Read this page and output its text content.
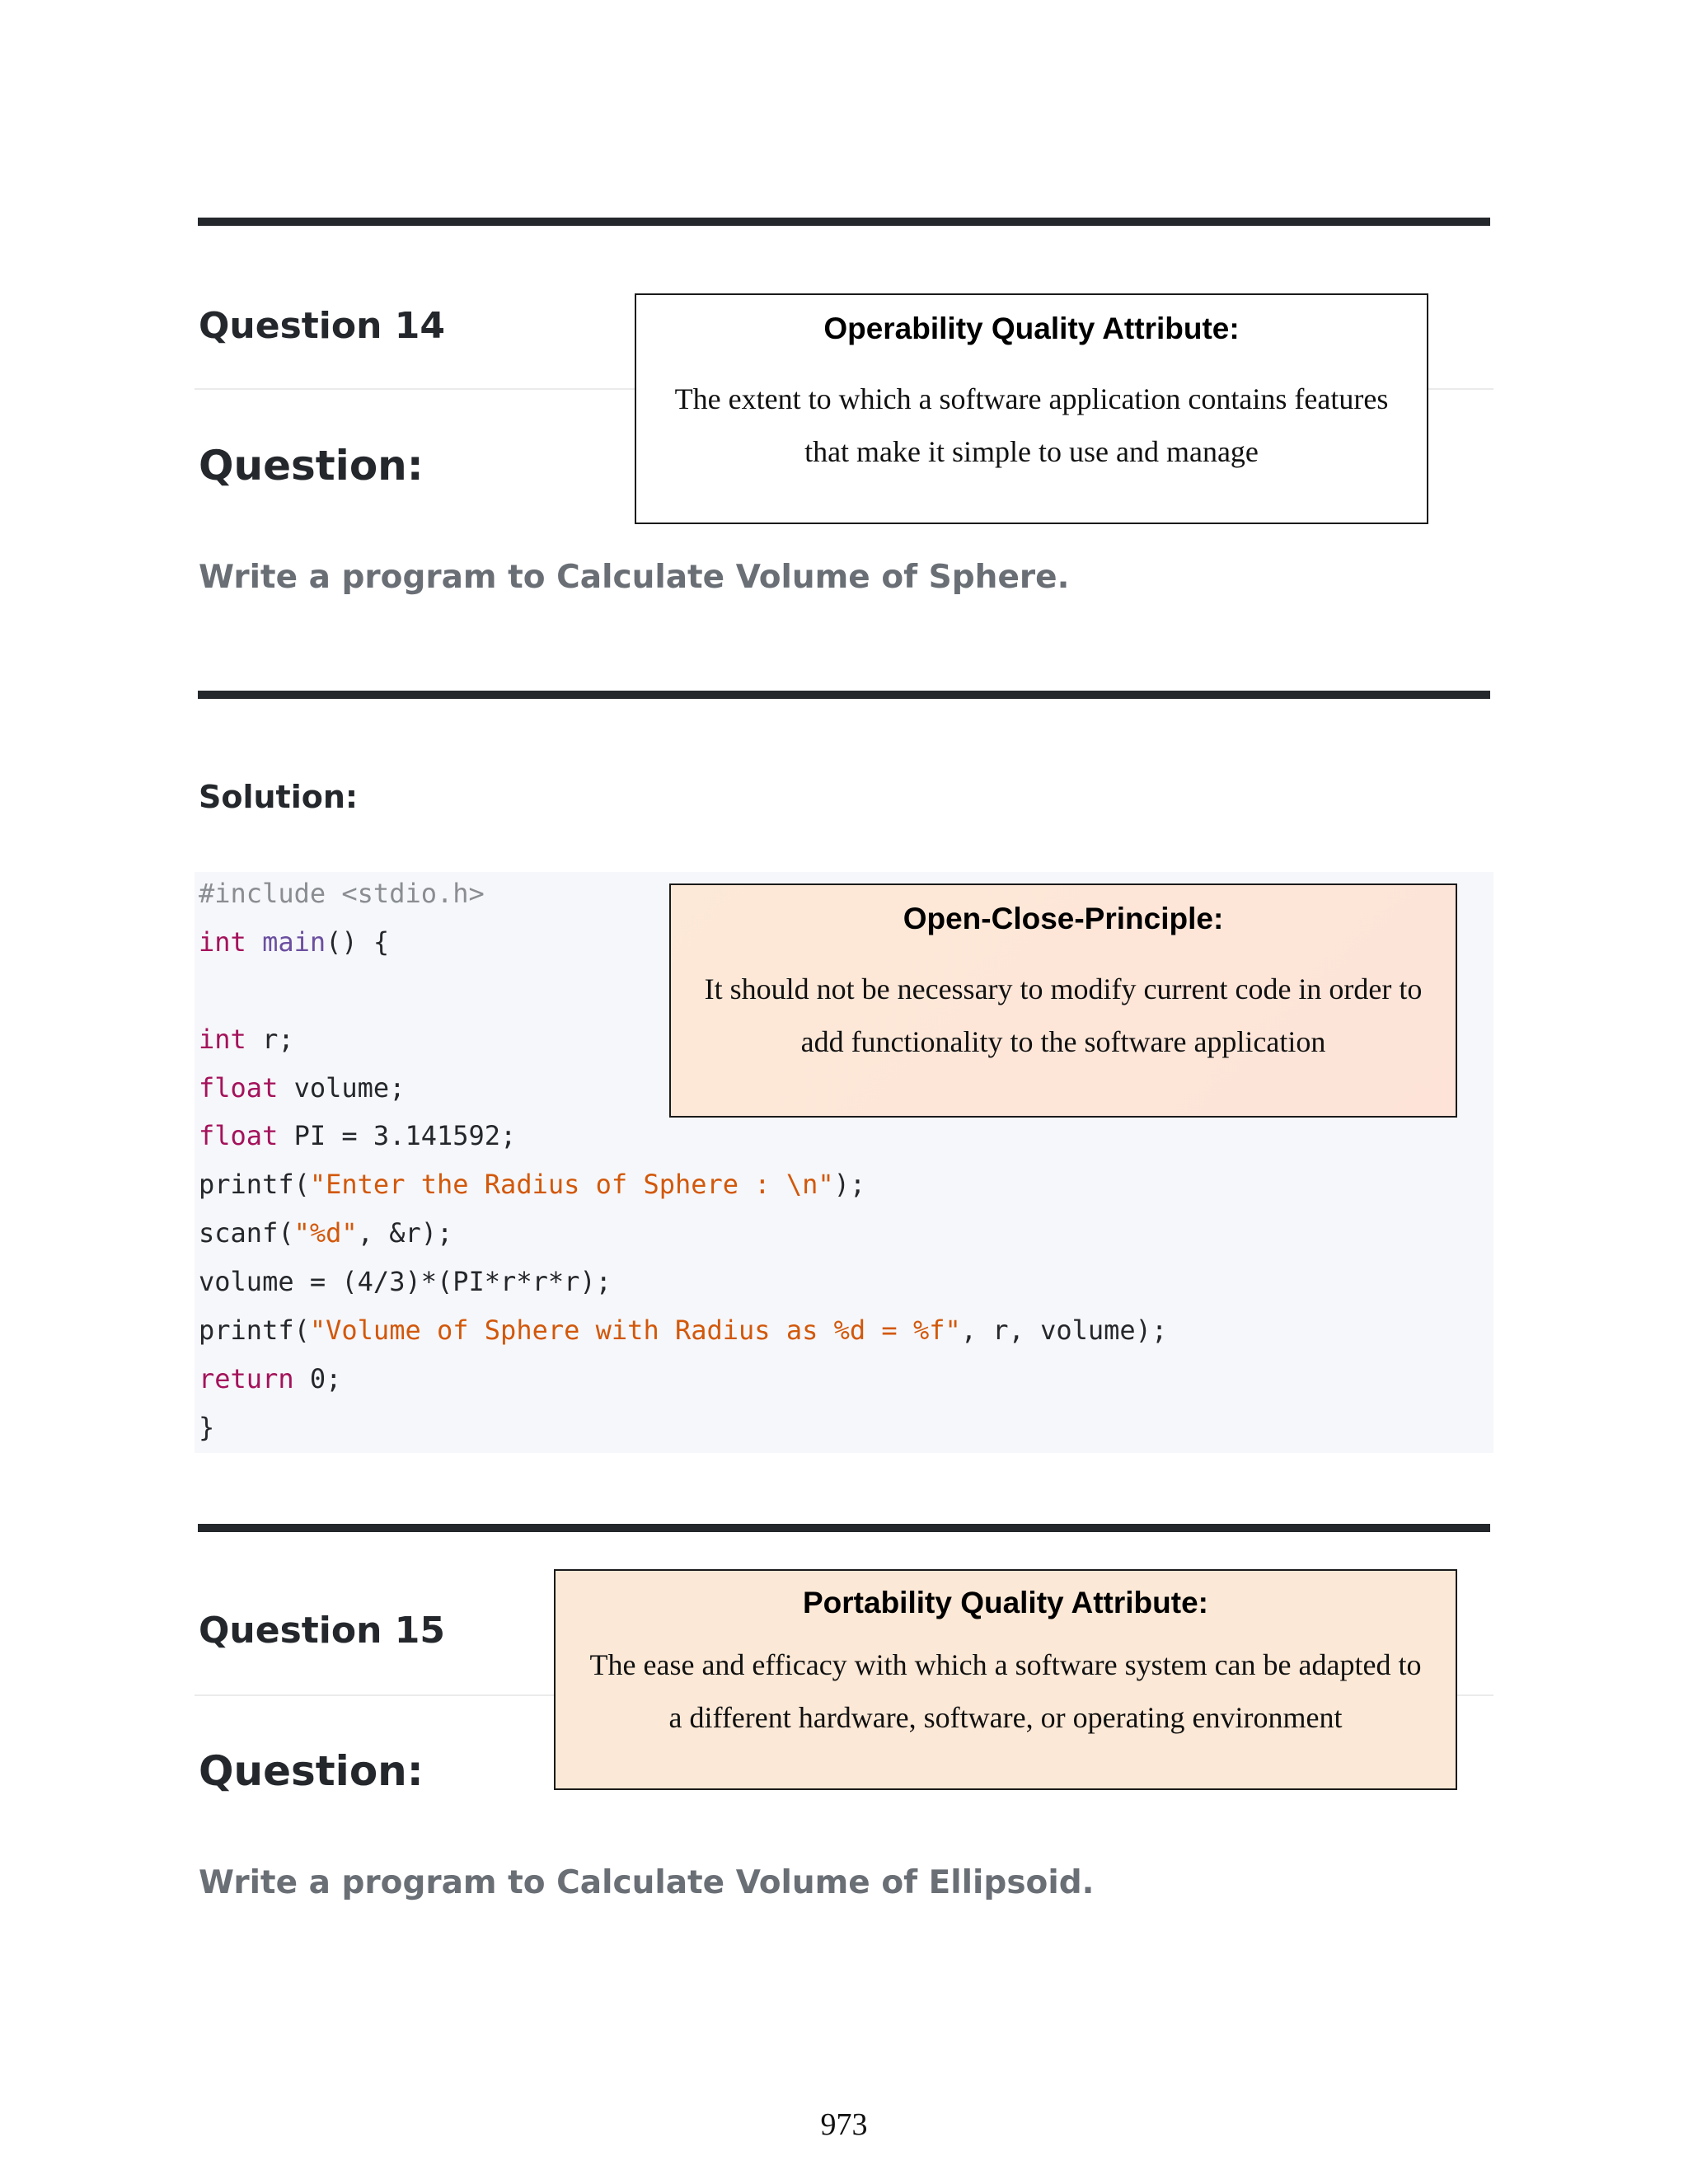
Question 14
Question:
Write a program to Calculate Volume of Sphere.
Operability Quality Attribute:
The extent to which a software application contains features
that make it simple to use and manage
Solution:
#include <stdio.h>
int main() {
int r;
float volume;
float PI = 3.141592;
printf("Enter the Radius of Sphere : \n");
scanf("%d", &r);
volume = (4/3)*(PI*r*r*r);
printf("Volume of Sphere with Radius as %d = %f", r, volume);
return 0;
}
Open-Close-Principle:
It should not be necessary to modify current code in order to
add functionality to the software application
Question 15
Question:
Write a program to Calculate Volume of Ellipsoid.
Portability Quality Attribute:
The ease and efficacy with which a software system can be adapted to
a different hardware, software, or operating environment
973
